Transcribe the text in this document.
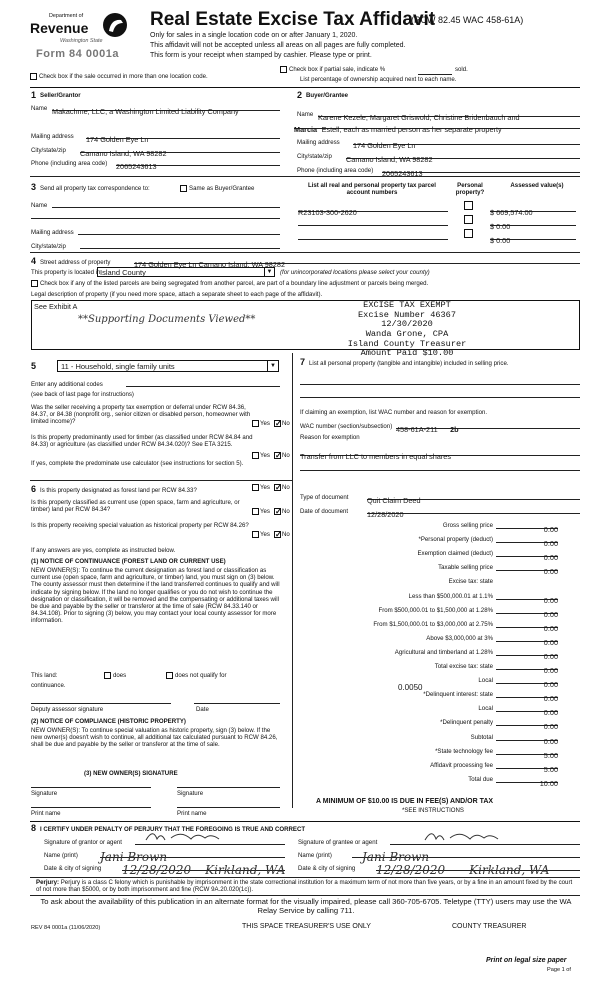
Department of
Revenue
Washington State
Form 84 0001a
Real Estate Excise Tax Affidavit
(RCW 82.45 WAC 458-61A)
Only for sales in a single location code on or after January 1, 2020.
This affidavit will not be accepted unless all areas on all pages are fully completed.
This form is your receipt when stamped by cashier. Please type or print.
Check box if the sale occurred in more than one location code.
Check box if partial sale, indicate %	sold.
List percentage of ownership acquired next to each name.
1 Seller/Grantor
Name Makachme, LLC, a Washington Limited Liability Company
Mailing address 174 Golden Eye Ln
City/state/zip Camano Island, WA 98282
Phone (including area code) 2065243613
2 Buyer/Grantee
Name Karene Kezele, Margaret Griswold, Christine Bridenbauch and
Marcia Estell, each as married person as her separate property
Mailing address 174 Golden Eye Ln
City/state/zip Camano Island, WA 98282
Phone (including area code) 2065243613
3 Send all property tax correspondence to:	Same as Buyer/Grantee
Name
Mailing address
City/state/zip
List all real and personal property tax parcel account numbers
Personal property?
Assessed value(s)
R23103-300-2620	$ 669,574.00
$ 0.00
$ 0.00
4 Street address of property	174 Golden Eye Ln Camano Island, WA 98282
This property is located in Island County	▼ (for unincorporated locations please select your county)
Check box if any of the listed parcels are being segregated from another parcel, are part of a boundary line adjustment or parcels being merged.
Legal description of property (if you need more space, attach a separate sheet to each page of the affidavit).
See Exhibit A
**Supporting Documents Viewed**
EXCISE TAX EXEMPT
Excise Number 46367
12/30/2020
Wanda Grone, CPA
Island County Treasurer
Amount Paid $10.00
5	11 - Household, single family units	▼
Enter any additional codes
(see back of last page for instructions)
Was the seller receiving a property tax exemption or deferral under RCW 84.36, 84.37, or 84.38 (nonprofit org., senior citizen or disabled person, homeowner with limited income)?	Yes ✓ No
Is this property predominantly used for timber (as classified under RCW 84.84 and 84.33) or agriculture (as classified under RCW 84.34.020)? See ETA 3215.
Yes ✓ No
If yes, complete the predominate use calculator (see instructions for section 5).
6 Is this property designated as forest land per RCW 84.33?	Yes ✓ No
Is this property classified as current use (open space, farm and agriculture, or timber) land per RCW 84.34?	Yes ✓ No
Is this property receiving special valuation as historical property per RCW 84.26?
Yes ✓ No
If any answers are yes, complete as instructed below.
(1) NOTICE OF CONTINUANCE (FOREST LAND OR CURRENT USE)
NEW OWNER(S): To continue the current designation as forest land or classification as current use (open space, farm and agriculture, or timber) land, you must sign on (3) below. The county assessor must then determine if the land transferred continues to qualify and will indicate by signing below. If the land no longer qualifies or you do not wish to continue the designation or classification, it will be removed and the compensating or additional taxes will be due and payable by the seller or transferor at the time of sale (RCW 84.33.140 or 84.34.108). Prior to signing (3) below, you may contact your local county assessor for more information.
This land:	does	does not qualify for
continuance.
Deputy assessor signature	Date
(2) NOTICE OF COMPLIANCE (HISTORIC PROPERTY)
NEW OWNER(S): To continue special valuation as historic property, sign (3) below. If the new owner(s) doesn't wish to continue, all additional tax calculated pursuant to RCW 84.26, shall be due and payable by the seller or transferor at the time of sale.
(3) NEW OWNER(S) SIGNATURE
Signature	Signature
Print name	Print name
7 List all personal property (tangible and intangible) included in selling price.
If claiming an exemption, list WAC number and reason for exemption.
WAC number (section/subsection) 458-61A-211 2b
Reason for exemption
Transfer from LLC to members in equal shares
Type of document	Quit Claim Deed
Date of document	12/28/2020
Gross selling price	0.00
*Personal property (deduct)	0.00
Exemption claimed (deduct)	0.00
Taxable selling price	0.00
Excise tax: state
Less than $500,000.01 at 1.1%	0.00
From $500,000.01 to $1,500,000 at 1.28%	0.00
From $1,500,000.01 to $3,000,000 at 2.75%	0.00
Above $3,000,000 at 3%	0.00
Agricultural and timberland at 1.28%	0.00
Total excise tax: state	0.00
Local	0.00
*Delinquent interest: state	0.00
Local	0.00
*Delinquent penalty	0.00
Subtotal	0.00
*State technology fee	5.00
Affidavit processing fee	5.00
Total due	10.00
0.0050
A MINIMUM OF $10.00 IS DUE IN FEE(S) AND/OR TAX
*SEE INSTRUCTIONS
8 I CERTIFY UNDER PENALTY OF PERJURY THAT THE FOREGOING IS TRUE AND CORRECT
Signature of grantor or agent
Name (print) Jani Brown
Date & city of signing 12/28/2020 Kirkland, WA
Signature of grantee or agent
Name (print)	Jani Brown
Date & city of signing 12/28/2020 Kirkland, WA
Perjury: Perjury is a class C felony which is punishable by imprisonment in the state correctional institution for a maximum term of not more than five years, or by a fine in an amount fixed by the court of not more than $5000, or by both imprisonment and fine (RCW 9A.20.020(1c)).
To ask about the availability of this publication in an alternate format for the visually impaired, please call 360-705-6705. Teletype (TTY) users may use the WA Relay Service by calling 711.
REV 84 0001a (11/06/2020)	THIS SPACE TREASURER'S USE ONLY	COUNTY TREASURER
Print on legal size paper
Page 1 of
